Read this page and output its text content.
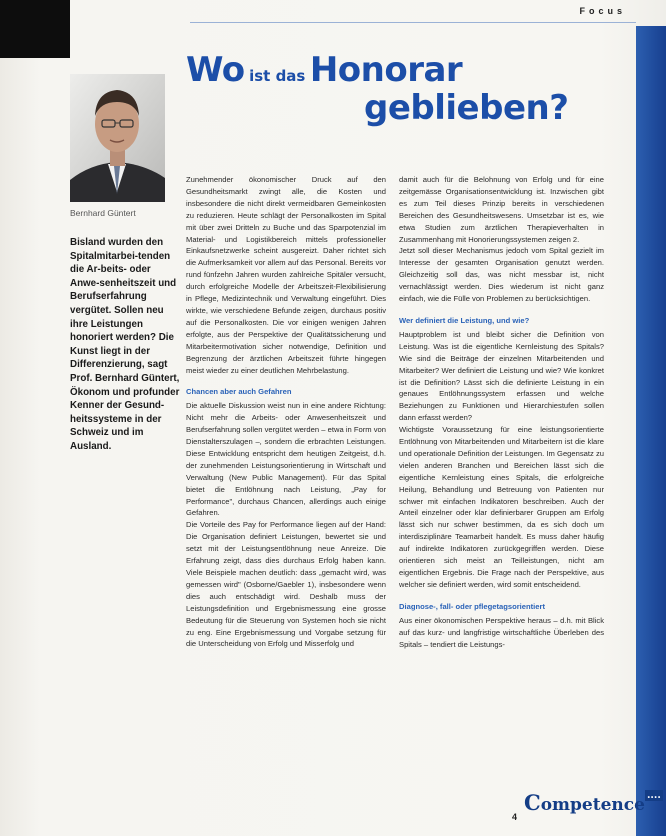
Focus
Wo ist das Honorar
geblieben?
Bernhard Güntert
Bisland wurden den Spitalmitarbei-tenden die Ar-beits- oder Anwe-senheitszeit und Berufserfahrung vergütet. Sollen neu ihre Leistungen honoriert werden? Die Kunst liegt in der Differenzierung, sagt Prof. Bernhard Güntert, Ökonom und profunder Kenner der Gesund-heitssysteme in der Schweiz und im Ausland.

Zunehmender ökonomischer Druck auf den Gesundheitsmarkt zwingt alle, die Kosten und insbesondere die nicht direkt vermeidbaren Gemeinkosten zu reduzieren. Heute schlägt der Personalkosten im Spital mit über zwei Dritteln zu Buche und das Sparpotenzial im Material- und Logistikbereich mittels professioneller Einkaufsnetzwerke scheint ausgereizt. Daher richtet sich die Aufmerksamkeit vor allem auf das Personal. Bereits vor rund fünfzehn Jahren wurden zahlreiche Spitäler versucht, durch erfolgreiche Modelle der Arbeitszeit-Flexibilisierung in Pflege, Medizintechnik und Verwaltung eingeführt. Dies wirkte, wie verschiedene Befunde zeigen, durchaus positiv auf die Personalkosten. Die vor einigen wenigen Jahren erfolgte, aus der Perspektive der Qualitätssicherung und Mitarbeitermotivation sicher notwendige, Definition und Begrenzung der ärztlichen Arbeitszeit führte hingegen meist wieder zu einer deutlichen Mehrbelastung.

Chancen aber auch Gefahren

Die aktuelle Diskussion weist nun in eine andere Richtung: Nicht mehr die Arbeits- oder Anwesenheitszeit und Berufserfahrung sollen vergütet werden – etwa in Form von Dienstalterszulagen –, sondern die erbrachten Leistungen. Diese Entwicklung entspricht dem heutigen Zeitgeist, d.h. der zunehmenden Leistungsorientierung in Wirtschaft und Verwaltung (New Public Management). Für das Spital bietet die Entlöhnung nach Leistung, „Pay for Performance", durchaus Chancen, allerdings auch einige Gefahren.

Die Vorteile des Pay for Performance liegen auf der Hand: Die Organisation definiert Leistungen, bewertet sie und setzt mit der Leistungsentlöhnung neue Anreize. Die Erfahrung zeigt, dass dies durchaus Erfolg haben kann. Viele Beispiele machen deutlich: dass „gemacht wird, was gemessen wird" (Osborne/Gaebler 1), insbesondere wenn dies auch entschädigt wird. Deshalb muss der Leistungsdefinition und Ergebnismessung eine grosse Bedeutung für die Steuerung von Systemen hoch sie nicht zu eng. Eine Ergebnismessung und Vorgabe setzung für die Unterscheidung von Erfolg und Misserfolg und

damit auch für die Belohnung von Erfolg und für eine zeitgemässe Organisationsentwicklung ist. Inzwischen gibt es zum Teil dieses Prinzip bereits in verschiedenen Bereichen des Gesundheitswesens. Umsetzbar ist es, wie etwa Studien zum ärztlichen Therapieverhalten in Zusammenhang mit Honorierungssystemen zeigen 2.

Jetzt soll dieser Mechanismus jedoch vom Spital gezielt im Interesse der gesamten Organisation genutzt werden. Gleichzeitig soll das, was nicht messbar ist, nicht vernachlässigt werden. Dies wiederum ist nicht ganz einfach, wie die Fülle von Problemen zu berücksichtigen.

Wer definiert die Leistung, und wie?

Hauptproblem ist und bleibt sicher die Definition von Leistung. Was ist die eigentliche Kernleistung des Spitals? Wie sind die Beiträge der einzelnen Mitarbeitenden und Mitarbeiter? Wer definiert die Leistung und wie? Wie konkret ist die Definition? Lässt sich die definierte Leistung in ein genaues Entlöhnungssystem erfassen und welche Beziehungen zu Funktionen und Hierarchiestufen sollen dann erfasst werden?

Wichtigste Voraussetzung für eine leistungsorientierte Entlöhnung von Mitarbeitenden und Mitarbeitern ist die klare und operationale Definition der Leistungen. Im Gegensatz zu vielen anderen Branchen und Bereichen lässt sich die eigentliche Kernleistung eines Spitals, die erfolgreiche Heilung, Behandlung und Betreuung von Patienten nur schwer mit einfachen Indikatoren beschreiben. Auch der Anteil einzelner oder klar definierbarer Gruppen am Erfolg lässt sich nur schwer bestimmen, da es sich doch um interdisziplinäre Teamarbeit handelt. Es muss daher häufig auf indirekte Indikatoren zurückgegriffen werden. Diese orientieren sich meist an Teilleistungen, nicht am eigentlichen Ergebnis. Die Frage nach der Perspektive, aus welcher sie definiert werden, wird somit entscheidend.

Diagnose-, fall- oder pflegetagsorientiert

Aus einer ökonomischen Perspektive heraus – d.h. mit Blick auf das kurz- und langfristige wirtschaftliche Überleben des Spitals – tendiert die Leistungs-

Competence ....
4
